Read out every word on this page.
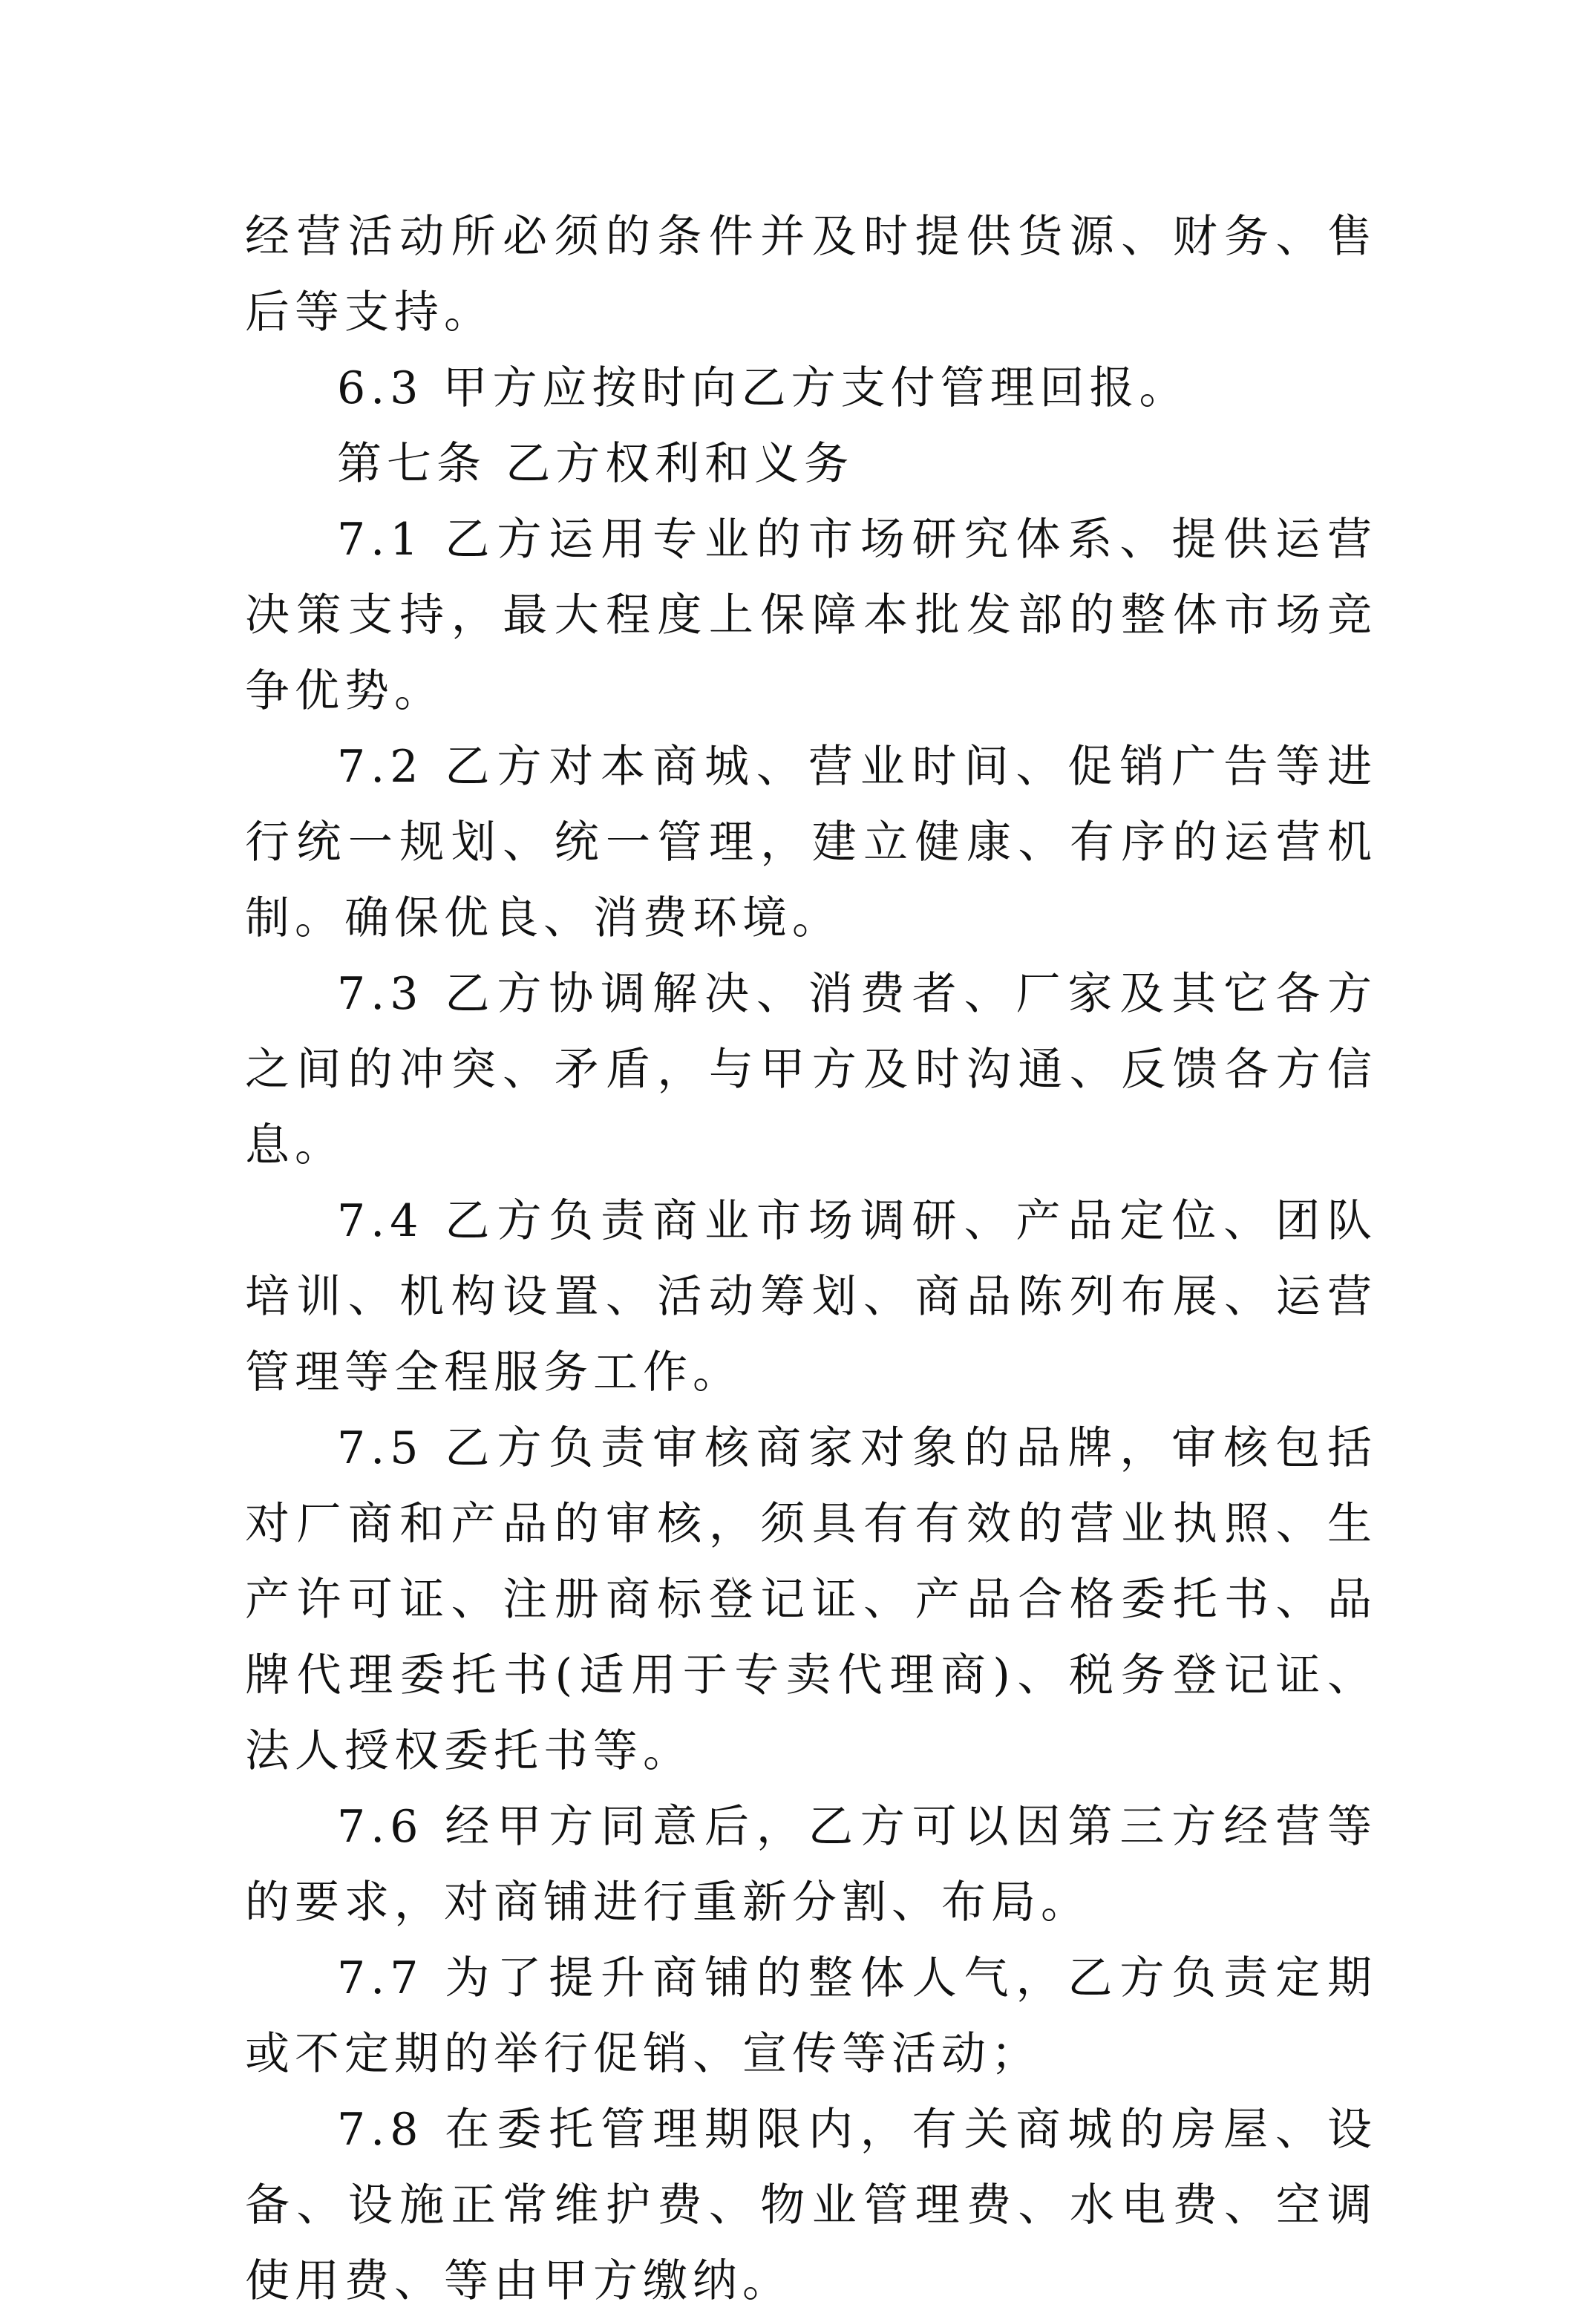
经营活动所必须的条件并及时提供货源、财务、售后等支持。

6.3 甲方应按时向乙方支付管理回报。

第七条 乙方权利和义务

7.1 乙方运用专业的市场研究体系、提供运营决策支持，最大程度上保障本批发部的整体市场竞争优势。

7.2 乙方对本商城、营业时间、促销广告等进行统一规划、统一管理，建立健康、有序的运营机制。确保优良、消费环境。

7.3 乙方协调解决、消费者、厂家及其它各方之间的冲突、矛盾，与甲方及时沟通、反馈各方信息。

7.4 乙方负责商业市场调研、产品定位、团队培训、机构设置、活动筹划、商品陈列布展、运营管理等全程服务工作。

7.5 乙方负责审核商家对象的品牌，审核包括对厂商和产品的审核，须具有有效的营业执照、生产许可证、注册商标登记证、产品合格委托书、品牌代理委托书(适用于专卖代理商)、税务登记证、法人授权委托书等。

7.6 经甲方同意后，乙方可以因第三方经营等的要求，对商铺进行重新分割、布局。

7.7 为了提升商铺的整体人气，乙方负责定期或不定期的举行促销、宣传等活动；

7.8 在委托管理期限内，有关商城的房屋、设备、设施正常维护费、物业管理费、水电费、空调使用费、等由甲方缴纳。
